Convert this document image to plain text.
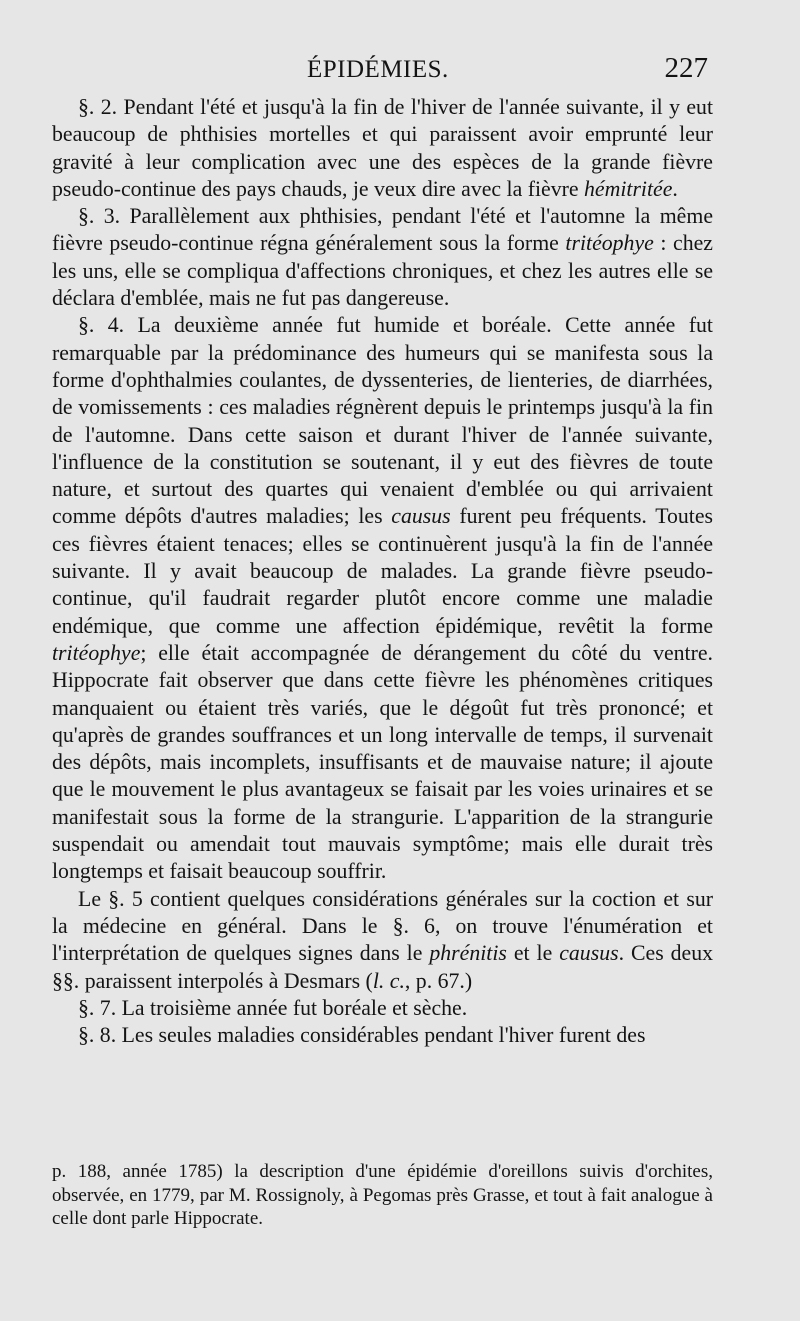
ÉPIDÉMIES.	227

§. 2. Pendant l'été et jusqu'à la fin de l'hiver de l'année suivante, il y eut beaucoup de phthisies mortelles et qui paraissent avoir emprunté leur gravité à leur complication avec une des espèces de la grande fièvre pseudo-continue des pays chauds, je veux dire avec la fièvre hémitritée.

§. 3. Parallèlement aux phthisies, pendant l'été et l'automne la même fièvre pseudo-continue régna généralement sous la forme tritéophye : chez les uns, elle se compliqua d'affections chroniques, et chez les autres elle se déclara d'emblée, mais ne fut pas dangereuse.

§. 4. La deuxième année fut humide et boréale. Cette année fut remarquable par la prédominance des humeurs qui se manifesta sous la forme d'ophthalmies coulantes, de dyssenteries, de lienteries, de diarrhées, de vomissements : ces maladies régnèrent depuis le printemps jusqu'à la fin de l'automne. Dans cette saison et durant l'hiver de l'année suivante, l'influence de la constitution se soutenant, il y eut des fièvres de toute nature, et surtout des quartes qui venaient d'emblée ou qui arrivaient comme dépôts d'autres maladies; les causus furent peu fréquents. Toutes ces fièvres étaient tenaces; elles se continuèrent jusqu'à la fin de l'année suivante. Il y avait beaucoup de malades. La grande fièvre pseudo-continue, qu'il faudrait regarder plutôt encore comme une maladie endémique, que comme une affection épidémique, revêtit la forme tritéophye; elle était accompagnée de dérangement du côté du ventre. Hippocrate fait observer que dans cette fièvre les phénomènes critiques manquaient ou étaient très variés, que le dégoût fut très prononcé; et qu'après de grandes souffrances et un long intervalle de temps, il survenait des dépôts, mais incomplets, insuffisants et de mauvaise nature; il ajoute que le mouvement le plus avantageux se faisait par les voies urinaires et se manifestait sous la forme de la strangurie. L'apparition de la strangurie suspendait ou amendait tout mauvais symptôme; mais elle durait très longtemps et faisait beaucoup souffrir.

Le §. 5 contient quelques considérations générales sur la coction et sur la médecine en général. Dans le §. 6, on trouve l'énumération et l'interprétation de quelques signes dans le phrénitis et le causus. Ces deux §§. paraissent interpolés à Desmars (l. c., p. 67.)

§. 7. La troisième année fut boréale et sèche.

§. 8. Les seules maladies considérables pendant l'hiver furent des

p. 188, année 1785) la description d'une épidémie d'oreillons suivis d'orchites, observée, en 1779, par M. Rossignoly, à Pegomas près Grasse, et tout à fait analogue à celle dont parle Hippocrate.
